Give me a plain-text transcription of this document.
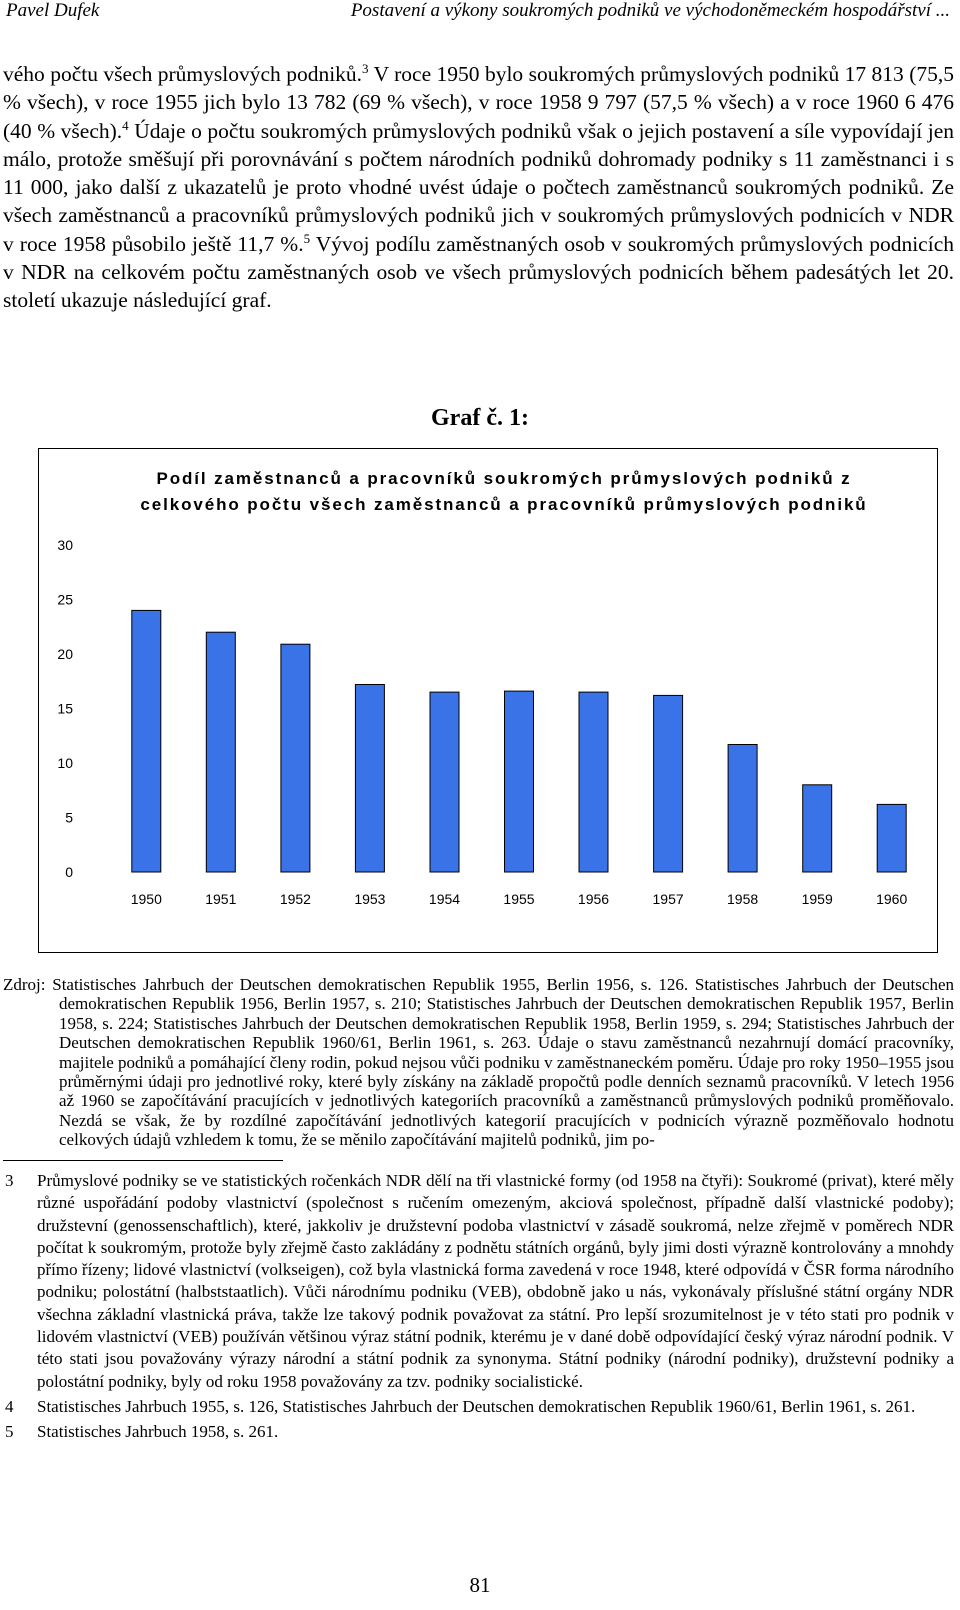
Pavel Dufek	Postavení a výkony soukromých podniků ve východoněmeckém hospodářství ...

vého počtu všech průmyslových podniků.$^3$ V roce 1950 bylo soukromých průmyslových podniků 17 813 (75,5 % všech), v roce 1955 jich bylo 13 782 (69 % všech), v roce 1958 9 797 (57,5 % všech) a v roce 1960 6 476 (40 % všech).$^4$ Údaje o počtu soukromých průmyslových podniků však o jejich postavení a síle vypovídají jen málo, protože směšují při porovnávání s počtem národních podniků dohromady podniky s 11 zaměstnanci i s 11 000, jako další z ukazatelů je proto vhodné uvést údaje o počtech zaměstnanců soukromých podniků. Ze všech zaměstnanců a pracovníků průmyslových podniků jich v soukromých průmyslových podnicích v NDR v roce 1958 působilo ještě 11,7 %.$^5$ Vývoj podílu zaměstnaných osob v soukromých průmyslových podnicích v NDR na celkovém počtu zaměstnaných osob ve všech průmyslových podnicích během padesátých let 20. století ukazuje následující graf.

Graf č. 1:
0
5
10
15
20
25
30
1950	1951	1952	1953	1954	1955	1956	1957	1958	1959	1960
Podíl zaměstnanců a pracovníků soukromých průmyslových podniků z celkového počtu všech zaměstnanců a pracovníků průmyslových podniků

Zdroj: Statistisches Jahrbuch der Deutschen demokratischen Republik 1955, Berlin 1956, s. 126. Statistisches Jahrbuch der Deutschen demokratischen Republik 1956, Berlin 1957, s. 210; Statistisches Jahrbuch der Deutschen demokratischen Republik 1957, Berlin 1958, s. 224; Statistisches Jahrbuch der Deutschen demokratischen Republik 1958, Berlin 1959, s. 294; Statistisches Jahrbuch der Deutschen demokratischen Republik 1960/61, Berlin 1961, s. 263. Údaje o stavu zaměstnanců nezahrnují domácí pracovníky, majitele podniků a pomáhající členy rodin, pokud nejsou vůči podniku v zaměstnaneckém poměru. Údaje pro roky 1950–1955 jsou průměrnými údaji pro jednotlivé roky, které byly získány na základě propočtů podle denních seznamů pracovníků. V letech 1956 až 1960 se započítávání pracujících v jednotlivých kategoriích pracovníků a zaměstnanců průmyslových podniků proměňovalo. Nezdá se však, že by rozdílné započítávání jednotlivých kategorií pracujících v podnicích výrazně pozměňovalo hodnotu celkových údajů vzhledem k tomu, že se měnilo započítávání majitelů podniků, jim po-

3 Průmyslové podniky se ve statistických ročenkách NDR dělí na tři vlastnické formy (od 1958 na čtyři): Soukromé (privat), které měly různé uspořádání podoby vlastnictví (společnost s ručením omezeným, akciová společnost, případně další vlastnické podoby); družstevní (genossenschaftlich), které, jakkoliv je družstevní podoba vlastnictví v zásadě soukromá, nelze zřejmě v poměrech NDR počítat k soukromým, protože byly zřejmě často zakládány z podnětu státních orgánů, byly jimi dosti výrazně kontrolovány a mnohdy přímo řízeny; lidové vlastnictví (volkseigen), což byla vlastnická forma zavedená v roce 1948, které odpovídá v ČSR forma národního podniku; polostátní (halbststaatlich). Vůči národnímu podniku (VEB), obdobně jako u nás, vykonávaly příslušné státní orgány NDR všechna základní vlastnická práva, takže lze takový podnik považovat za státní. Pro lepší srozumitelnost je v této stati pro podnik v lidovém vlastnictví (VEB) používán většinou výraz státní podnik, kterému je v dané době odpovídající český výraz národní podnik. V této stati jsou považovány výrazy národní a státní podnik za synonyma. Státní podniky (národní podniky), družstevní podniky a polostátní podniky, byly od roku 1958 považovány za tzv. podniky socialistické.
4 Statistisches Jahrbuch 1955, s. 126, Statistisches Jahrbuch der Deutschen demokratischen Republik 1960/61, Berlin 1961, s. 261.
5 Statistisches Jahrbuch 1958, s. 261.
81
